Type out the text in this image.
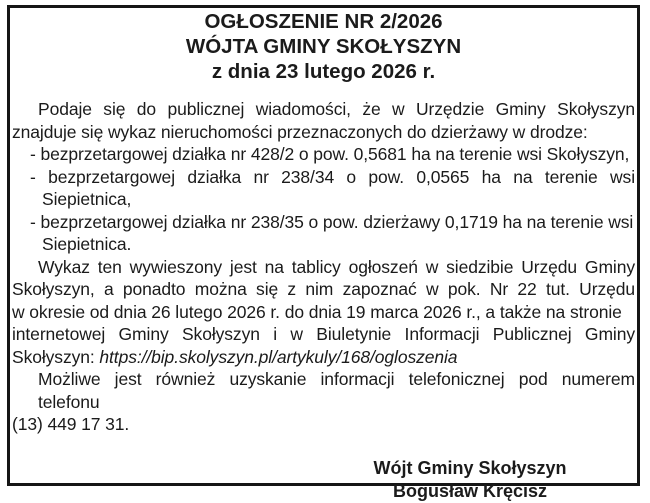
OGŁOSZENIE NR 2/2026
WÓJTA GMINY SKOŁYSZYN
z dnia 23 lutego 2026 r.
Podaje się do publicznej wiadomości, że w Urzędzie Gminy Skołyszyn
znajduje się wykaz nieruchomości przeznaczonych do dzierżawy w drodze:
- bezprzetargowej działka nr 428/2 o pow. 0,5681 ha na terenie wsi Skołyszyn,
- bezprzetargowej działka nr 238/34 o pow. 0,0565 ha na terenie wsi
Siepietnica,
- bezprzetargowej działka nr 238/35 o pow. dzierżawy 0,1719 ha na terenie wsi
Siepietnica.
Wykaz ten wywieszony jest na tablicy ogłoszeń w siedzibie Urzędu Gminy
Skołyszyn, a ponadto można się z nim zapoznać w pok. Nr 22 tut. Urzędu
w okresie od dnia 26 lutego 2026 r. do dnia 19 marca 2026 r., a także na stronie
internetowej Gminy Skołyszyn i w Biuletynie Informacji Publicznej Gminy
Skołyszyn: https://bip.skolyszyn.pl/artykuly/168/ogloszenia
Możliwe jest również uzyskanie informacji telefonicznej pod numerem telefonu
(13) 449 17 31.
Wójt Gminy Skołyszyn
Bogusław Kręcisz
